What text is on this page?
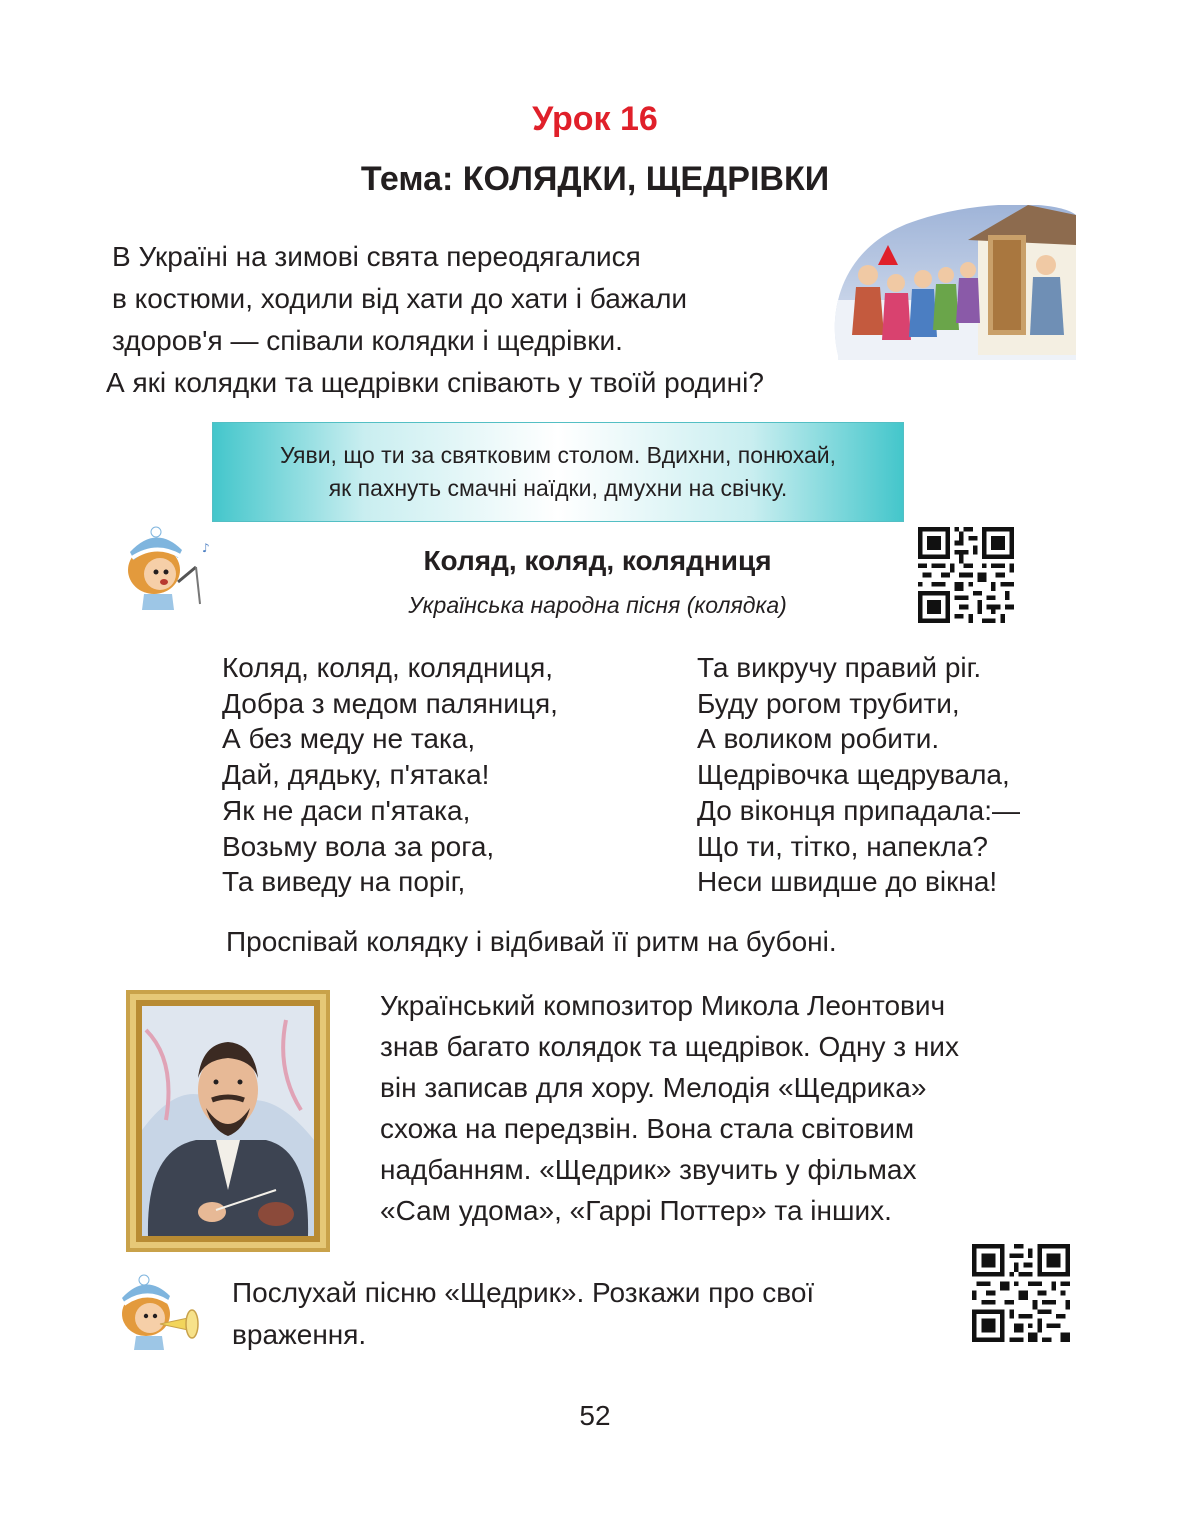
Урок 16
Тема: КОЛЯДКИ, ЩЕДРІВКИ
В Україні на зимові свята переодягалися
в костюми, ходили від хати до хати і бажали
здоров'я — співали колядки і щедрівки.
А які колядки та щедрівки співають у твоїй родині?
Уяви, що ти за святковим столом. Вдихни, понюхай,
як пахнуть смачні наїдки, дмухни на свічку.
♪	Коляд, коляд, колядниця
Українська народна пісня (колядка)
Коляд, коляд, колядниця,
Добра з медом паляниця,
А без меду не така,
Дай, дядьку, п'ятака!
Як не даси п'ятака,
Возьму вола за рога,
Та виведу на поріг,
Та викручу правий ріг.
Буду рогом трубити,
А воликом робити.
Щедрівочка щедрувала,
До віконця припадала:—
Що ти, тітко, напекла?
Неси швидше до вікна!
Проспівай колядку і відбивай її ритм на бубоні.
Український композитор Микола Леонтович
знав багато колядок та щедрівок. Одну з них
він записав для хору. Мелодія «Щедрика»
схожа на передзвін. Вона стала світовим
надбанням. «Щедрик» звучить у фільмах
«Сам удома», «Гаррі Поттер» та інших.
Послухай пісню «Щедрик». Розкажи про свої
враження.
52
